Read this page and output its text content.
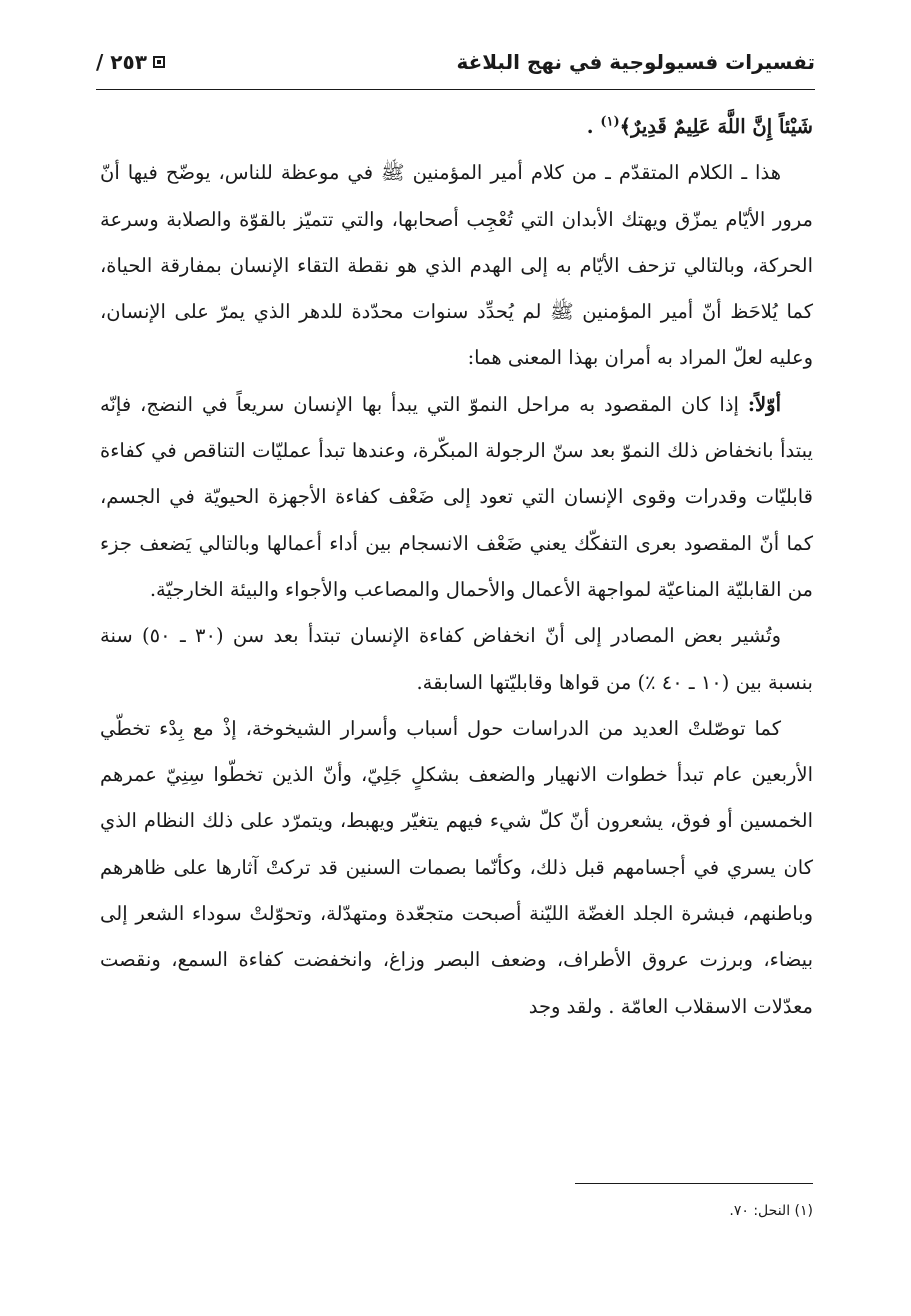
تفسيرات فسيولوجية في نهج البلاغة
٢٥٣ /

شَيْئاً إِنَّ اللَّهَ عَلِيمٌ قَدِيرٌ﴾$^{(١)}$ .

هذا ـ الكلام المتقدّم ـ من كلام أمير المؤمنين ﷺ في موعظة للناس، يوضّح فيها أنّ مرور الأيّام يمزّق ويهتك الأبدان التي تُعْجِب أصحابها، والتي تتميّز بالقوّة والصلابة وسرعة الحركة، وبالتالي تزحف الأيّام به إلى الهدم الذي هو نقطة التقاء الإنسان بمفارقة الحياة، كما يُلاحَظ أنّ أمير المؤمنين ﷺ لم يُحدِّد سنوات محدّدة للدهر الذي يمرّ على الإنسان، وعليه لعلّ المراد به أمران بهذا المعنى هما:

أوّلاً: إذا كان المقصود به مراحل النموّ التي يبدأ بها الإنسان سريعاً في النضج، فإنّه يبتدأ بانخفاض ذلك النموّ بعد سنّ الرجولة المبكّرة، وعندها تبدأ عمليّات التناقص في كفاءة قابليّات وقدرات وقوى الإنسان التي تعود إلى ضَعْف كفاءة الأجهزة الحيويّة في الجسم، كما أنّ المقصود بعرى التفكّك يعني ضَعْف الانسجام بين أداء أعمالها وبالتالي يَضعف جزء من القابليّة المناعيّة لمواجهة الأعمال والأحمال والمصاعب والأجواء والبيئة الخارجيّة.

وتُشير بعض المصادر إلى أنّ انخفاض كفاءة الإنسان تبتدأ بعد سن (٣٠ ـ ٥٠) سنة بنسبة بين (١٠ ـ ٤٠ ٪) من قواها وقابليّتها السابقة.

كما توصّلتْ العديد من الدراسات حول أسباب وأسرار الشيخوخة، إذْ مع بِدْء تخطّي الأربعين عام تبدأ خطوات الانهيار والضعف بشكلٍ جَلِيّ، وأنّ الذين تخطّوا سِنِيّ عمرهم الخمسين أو فوق، يشعرون أنّ كلّ شيء فيهم يتغيّر ويهبط، ويتمرّد على ذلك النظام الذي كان يسري في أجسامهم قبل ذلك، وكأنّما بصمات السنين قد تركتْ آثارها على ظاهرهم وباطنهم، فبشرة الجلد الغضّة الليّنة أصبحت متجعّدة ومتهدّلة، وتحوّلتْ سوداء الشعر إلى بيضاء، وبرزت عروق الأطراف، وضعف البصر وزاغ، وانخفضت كفاءة السمع، ونقصت معدّلات الاسقلاب العامّة . ولقد وجد

(١) النحل: ٧٠.
